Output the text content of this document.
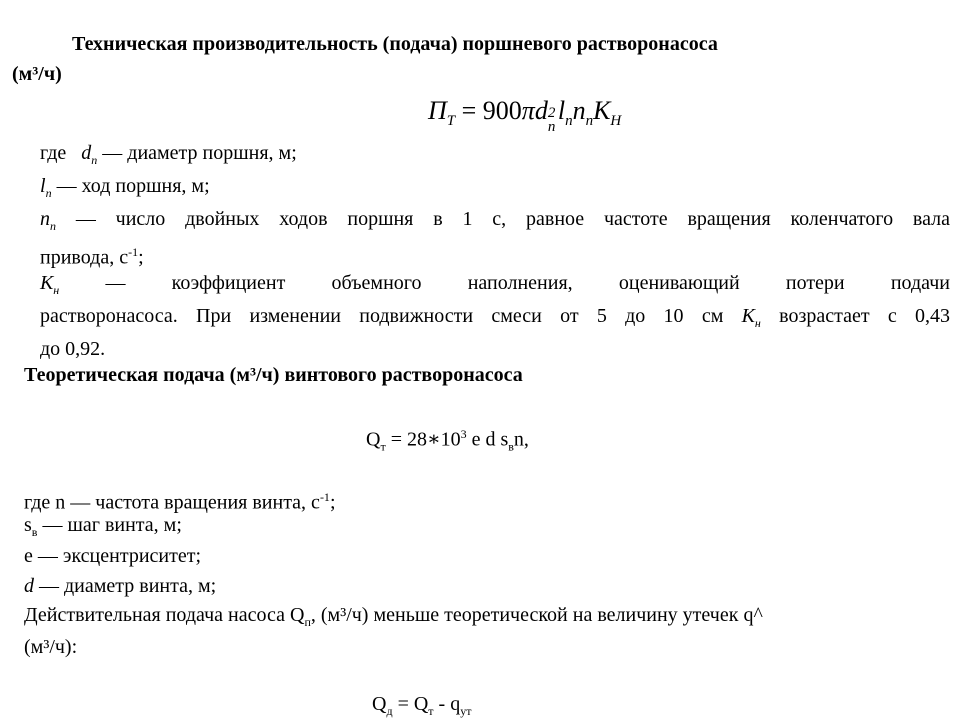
Техническая производительность (подача) поршневого растворонасоса
(м³/ч)
$П_Т = 900\pi d$ 2
п
$l_пn_пK_Н$
где $d_п$ — диаметр поршня, м;
$l_п$ — ход поршня, м;
$n_п$ — число двойных ходов поршня в 1 с, равное частоте вращения коленчатого вала
привода, $с^{-1}$;
$К_н$ — коэффициент объемного наполнения, оценивающий потери подачи
растворонасоса. При изменении подвижности смеси от 5 до 10 см $К_н$ возрастает с 0,43
до 0,92.
Теоретическая подача (м³/ч) винтового растворонасоса
$Q_т$ = $28∗10^3$ e d $s_вn$,
где n — частота вращения винта, $с^{-1}$;
$s_в$ — шаг винта, м;
е — эксцентриситет;
d — диаметр винта, м;
Действительная подача насоса $Q_п$, (м³/ч) меньше теоретической на величину утечек q^
(м³/ч):
$Q_д = Q_т - q_{ут}$
